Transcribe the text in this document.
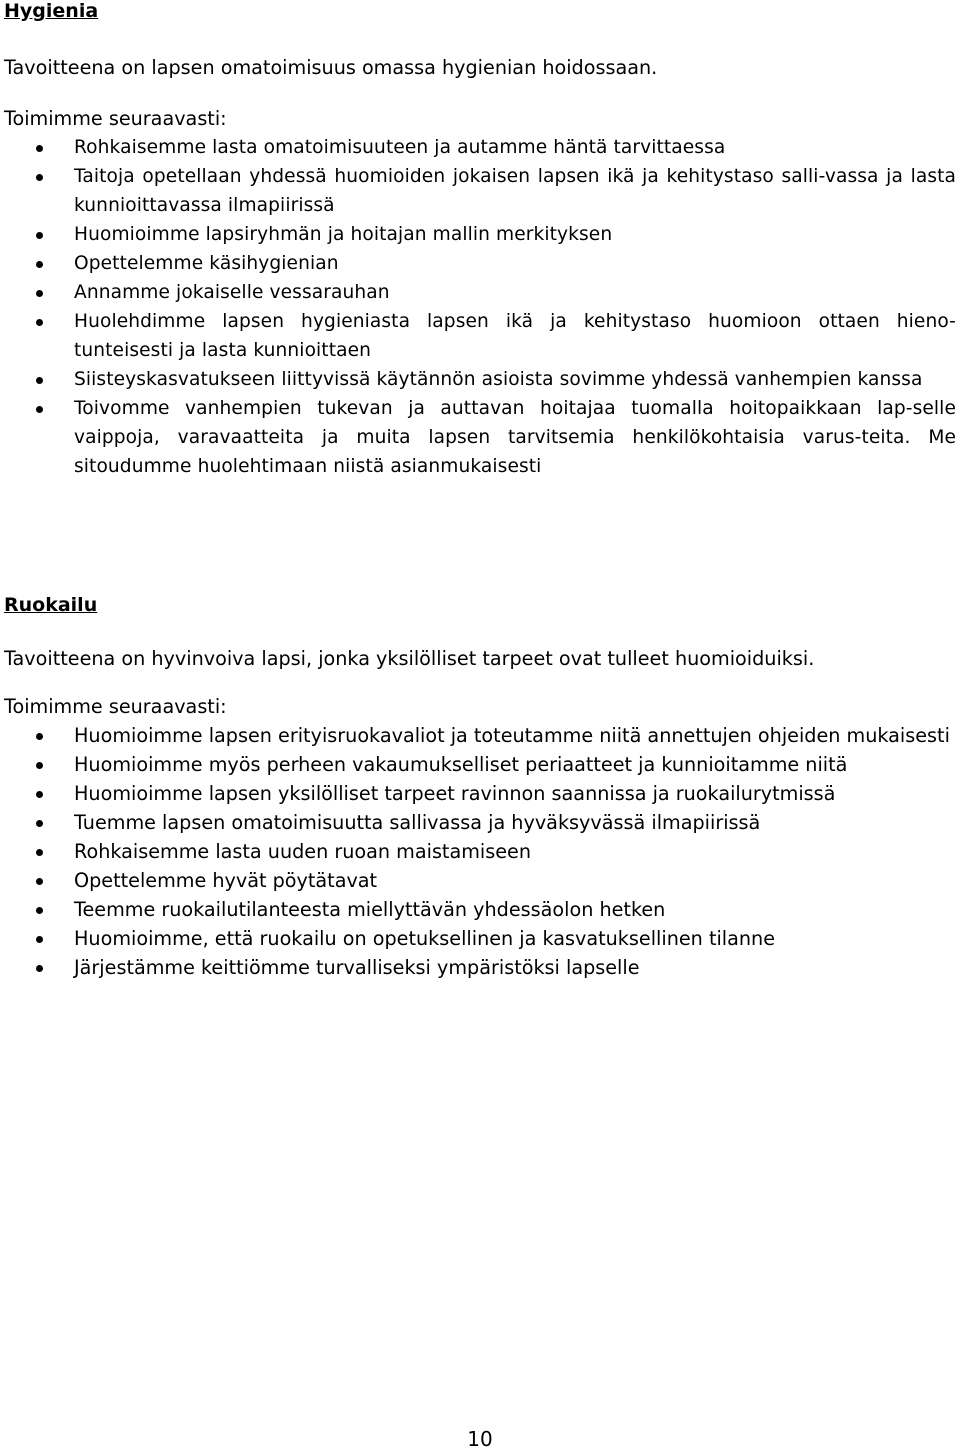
Hygienia

Tavoitteena on lapsen omatoimisuus omassa hygienian hoidossaan.

Toimimme seuraavasti:

Rohkaisemme lasta omatoimisuuteen ja autamme häntä tarvittaessa
Taitoja opetellaan yhdessä huomioiden jokaisen lapsen ikä ja kehitystaso salli-vassa ja lasta kunnioittavassa ilmapiirissä
Huomioimme lapsiryhmän ja hoitajan mallin merkityksen
Opettelemme käsihygienian
Annamme jokaiselle vessarauhan
Huolehdimme lapsen hygieniasta lapsen ikä ja kehitystaso huomioon ottaen hieno-tunteisesti ja lasta kunnioittaen
Siisteyskasvatukseen liittyvissä käytännön asioista sovimme yhdessä vanhempien kanssa
Toivomme vanhempien tukevan ja auttavan hoitajaa tuomalla hoitopaikkaan lap-selle vaippoja, varavaatteita ja muita lapsen tarvitsemia henkilökohtaisia varus-teita. Me sitoudumme huolehtimaan niistä asianmukaisesti
Ruokailu

Tavoitteena on hyvinvoiva lapsi, jonka yksilölliset tarpeet ovat tulleet huomioiduiksi.

Toimimme seuraavasti:

Huomioimme lapsen erityisruokavaliot ja toteutamme niitä annettujen ohjeiden mukaisesti
Huomioimme myös perheen vakaumukselliset periaatteet ja kunnioitamme niitä
Huomioimme lapsen yksilölliset tarpeet ravinnon saannissa ja ruokailurytmissä
Tuemme lapsen omatoimisuutta sallivassa ja hyväksyvässä ilmapiirissä
Rohkaisemme lasta uuden ruoan maistamiseen
Opettelemme hyvät pöytätavat
Teemme ruokailutilanteesta miellyttävän yhdessäolon hetken
Huomioimme, että ruokailu on opetuksellinen ja kasvatuksellinen tilanne
Järjestämme keittiömme turvalliseksi ympäristöksi lapselle
10
